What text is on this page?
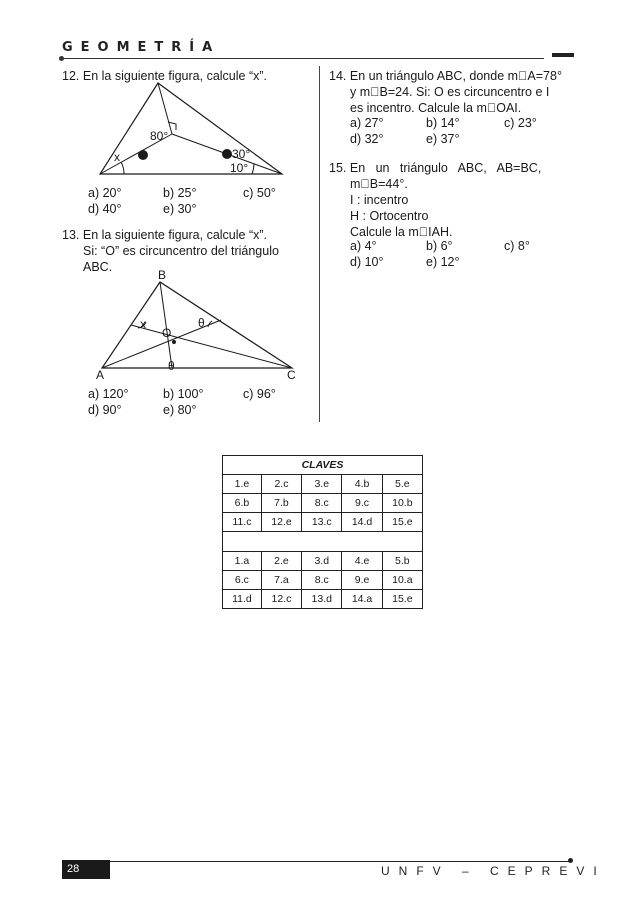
GEOMETRÍA
12. En la siguiente figura, calcule “x”.
80°
x	30°
10°
a) 20°	b) 25°	c) 50°
d) 40°	e) 30°
13. En la siguiente figura, calcule “x”.
Si: “O” es circuncentro del triángulo
ABC.
B
A	C
O
x	θ
θ
a) 120°	b) 100°	c) 96°
d) 90°	e) 80°
14. En un triángulo ABC, donde m A=78°
y m B=24. Si: O es circuncentro e I
es incentro. Calcule la m OAI.
a) 27°	b) 14°	c) 23°
d) 32°	e) 37°
15. En   un   triángulo   ABC,   AB=BC,
m B=44°.
I : incentro
H : Ortocentro
Calcule la m IAH.
a) 4°	b) 6°	c) 8°
d) 10°	e) 12°
CLAVES				
1.e	2.c	3.e	4.b	5.e
6.b	7.b	8.c	9.c	10.b
11.c	12.e	13.c	14.d	15.e

1.a	2.e	3.d	4.e	5.b
6.c	7.a	8.c	9.e	10.a
11.d	12.c	13.d	14.a	15.e
28	UNFV – CEPREVI
